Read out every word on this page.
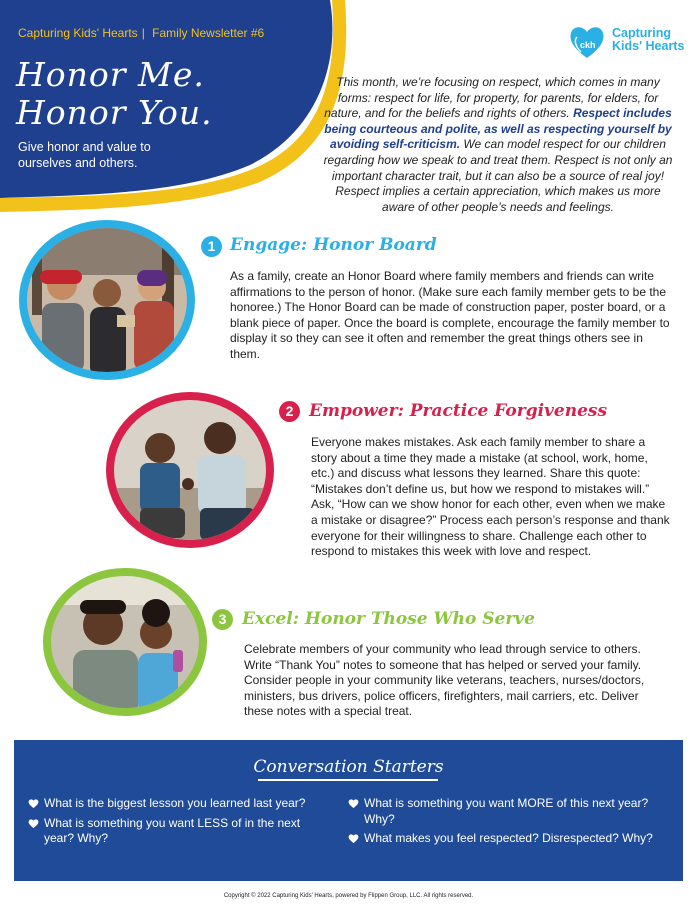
Capturing Kids' Hearts | Family Newsletter #6
Honor Me.
Honor You.
Give honor and value to ourselves and others.
ckh
Capturing
Kids' Hearts
This month, we’re focusing on respect, which comes in many forms: respect for life, for property, for parents, for elders, for nature, and for the beliefs and rights of others. Respect includes being courteous and polite, as well as respecting yourself by avoiding self-criticism. We can model respect for our children regarding how we speak to and treat them. Respect is not only an important character trait, but it can also be a source of real joy! Respect implies a certain appreciation, which makes us more aware of other people’s needs and feelings.
1 Engage: Honor Board
As a family, create an Honor Board where family members and friends can write affirmations to the person of honor. (Make sure each family member gets to be the honoree.) The Honor Board can be made of construction paper, poster board, or a blank piece of paper. Once the board is complete, encourage the family member to display it so they can see it often and remember the great things others see in them.
2 Empower: Practice Forgiveness
Everyone makes mistakes. Ask each family member to share a story about a time they made a mistake (at school, work, home, etc.) and discuss what lessons they learned. Share this quote: “Mistakes don’t define us, but how we respond to mistakes will.” Ask, “How can we show honor for each other, even when we make a mistake or disagree?” Process each person’s response and thank everyone for their willingness to share. Challenge each other to respond to mistakes this week with love and respect.
3 Excel: Honor Those Who Serve
Celebrate members of your community who lead through service to others. Write “Thank You” notes to someone that has helped or served your family. Consider people in your community like veterans, teachers, nurses/doctors, ministers, bus drivers, police officers, firefighters, mail carriers, etc. Deliver these notes with a special treat.
Conversation Starters
What is the biggest lesson you learned last year?
What is something you want LESS of in the next year? Why?
What is something you want MORE of this next year? Why?
What makes you feel respected? Disrespected? Why?
Copyright © 2022 Capturing Kids' Hearts, powered by Flippen Group, LLC. All rights reserved.
